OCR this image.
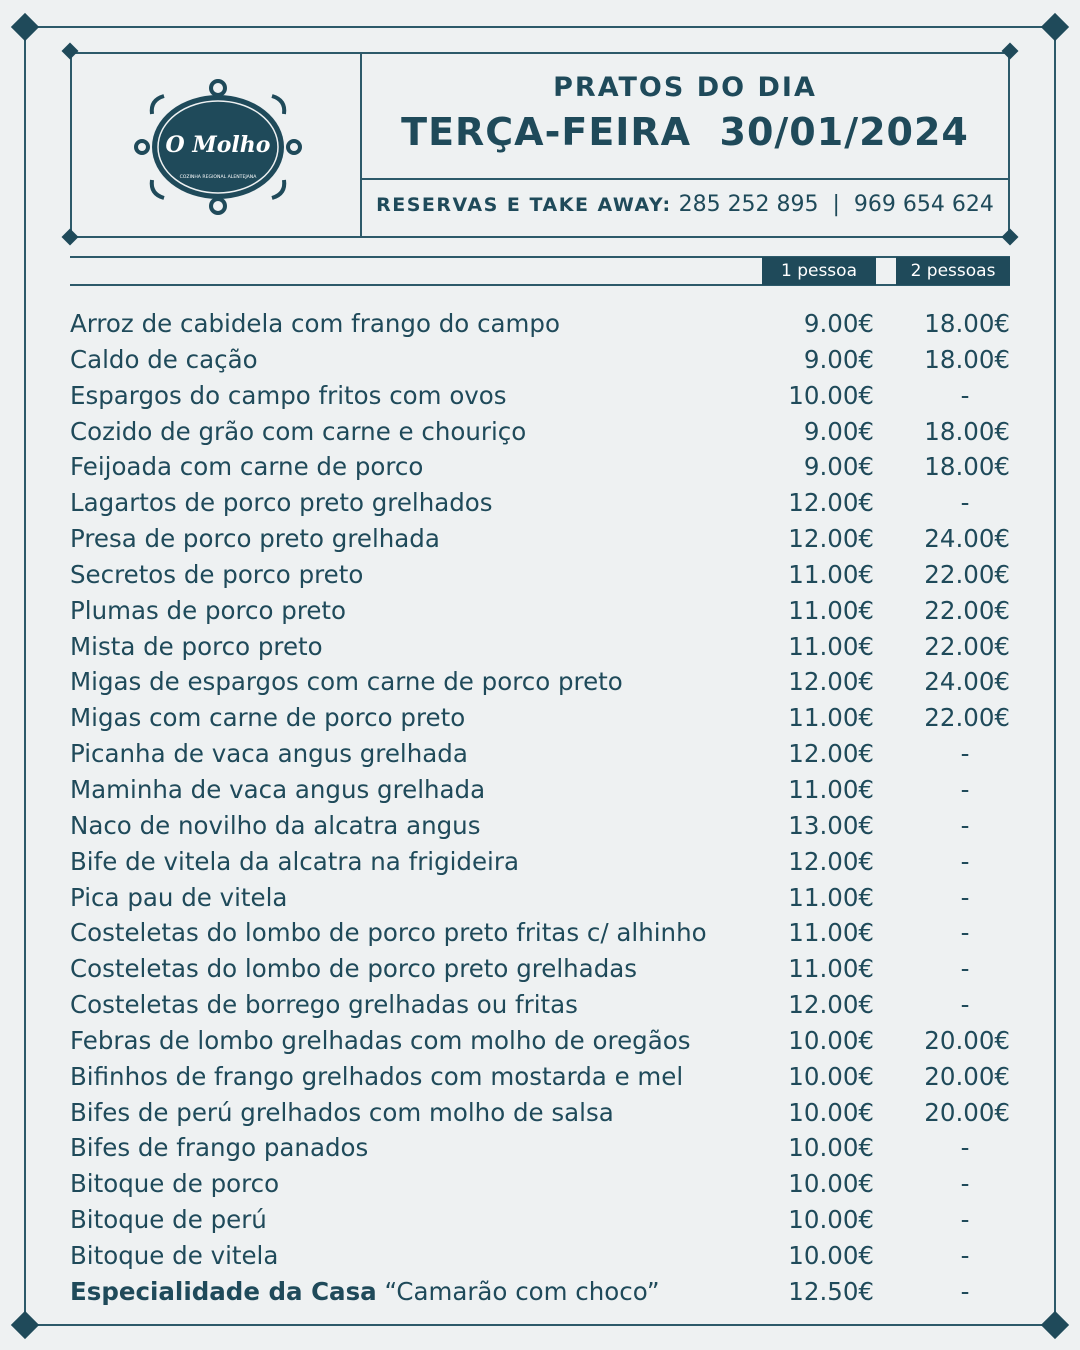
O Molho
COZINHA REGIONAL ALENTEJANA
PRATOS DO DIA
TERÇA-FEIRA  30/01/2024
RESERVAS E TAKE AWAY: 285 252 895  |  969 654 624
1 pessoa	2 pessoas
Arroz de cabidela com frango do campo	9.00€ 18.00€
Caldo de cação	9.00€ 18.00€
Espargos do campo fritos com ovos	10.00€	-
Cozido de grão com carne e chouriço	9.00€ 18.00€
Feijoada com carne de porco	9.00€ 18.00€
Lagartos de porco preto grelhados	12.00€	-
Presa de porco preto grelhada	12.00€ 24.00€
Secretos de porco preto	11.00€ 22.00€
Plumas de porco preto	11.00€ 22.00€
Mista de porco preto	11.00€ 22.00€
Migas de espargos com carne de porco preto	12.00€ 24.00€
Migas com carne de porco preto	11.00€ 22.00€
Picanha de vaca angus grelhada	12.00€	-
Maminha de vaca angus grelhada	11.00€	-
Naco de novilho da alcatra angus	13.00€	-
Bife de vitela da alcatra na frigideira	12.00€	-
Pica pau de vitela	11.00€	-
Costeletas do lombo de porco preto fritas c/ alhinho	11.00€	-
Costeletas do lombo de porco preto grelhadas	11.00€	-
Costeletas de borrego grelhadas ou fritas	12.00€	-
Febras de lombo grelhadas com molho de oregãos	10.00€ 20.00€
Bifinhos de frango grelhados com mostarda e mel	10.00€ 20.00€
Bifes de perú grelhados com molho de salsa	10.00€ 20.00€
Bifes de frango panados	10.00€	-
Bitoque de porco	10.00€	-
Bitoque de perú	10.00€	-
Bitoque de vitela	10.00€	-
Especialidade da Casa “Camarão com choco”	12.50€	-
